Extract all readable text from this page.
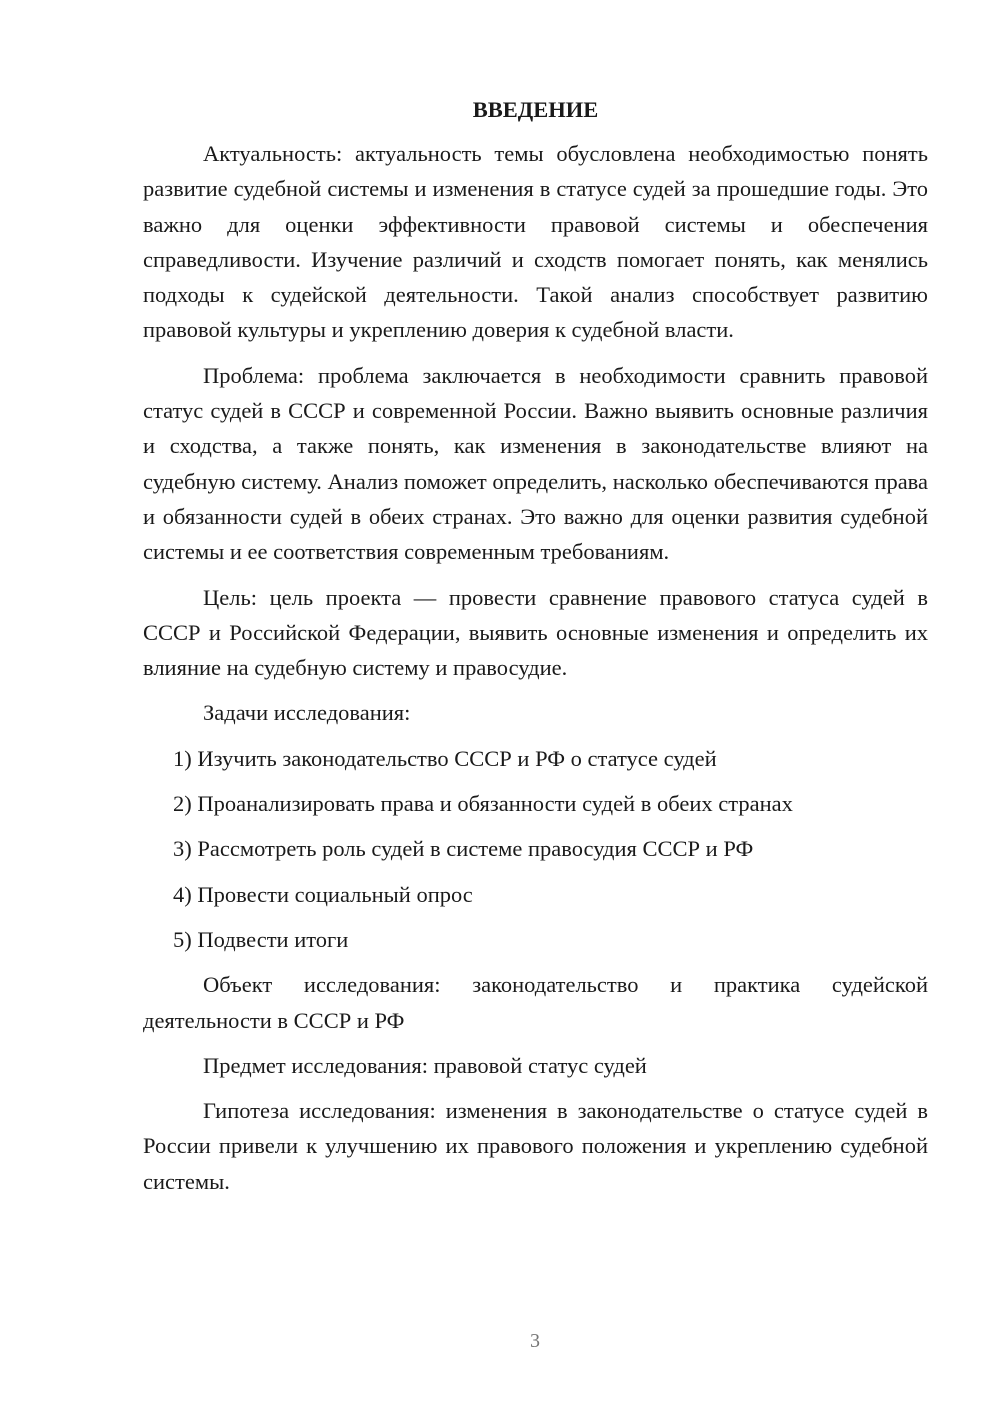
ВВЕДЕНИЕ

Актуальность: актуальность темы обусловлена необходимостью понять развитие судебной системы и изменения в статусе судей за прошедшие годы. Это важно для оценки эффективности правовой системы и обеспечения справедливости. Изучение различий и сходств помогает понять, как менялись подходы к судейской деятельности. Такой анализ способствует развитию правовой культуры и укреплению доверия к судебной власти.

Проблема: проблема заключается в необходимости сравнить правовой статус судей в СССР и современной России. Важно выявить основные различия и сходства, а также понять, как изменения в законодательстве влияют на судебную систему. Анализ поможет определить, насколько обеспечиваются права и обязанности судей в обеих странах. Это важно для оценки развития судебной системы и ее соответствия современным требованиям.

Цель: цель проекта — провести сравнение правового статуса судей в СССР и Российской Федерации, выявить основные изменения и определить их влияние на судебную систему и правосудие.

Задачи исследования:

1) Изучить законодательство СССР и РФ о статусе судей

2) Проанализировать права и обязанности судей в обеих странах

3) Рассмотреть роль судей в системе правосудия СССР и РФ

4) Провести социальный опрос

5) Подвести итоги

Объект исследования: законодательство и практика судейской деятельности в СССР и РФ

Предмет исследования: правовой статус судей

Гипотеза исследования: изменения в законодательстве о статусе судей в России привели к улучшению их правового положения и укреплению судебной системы.

3
